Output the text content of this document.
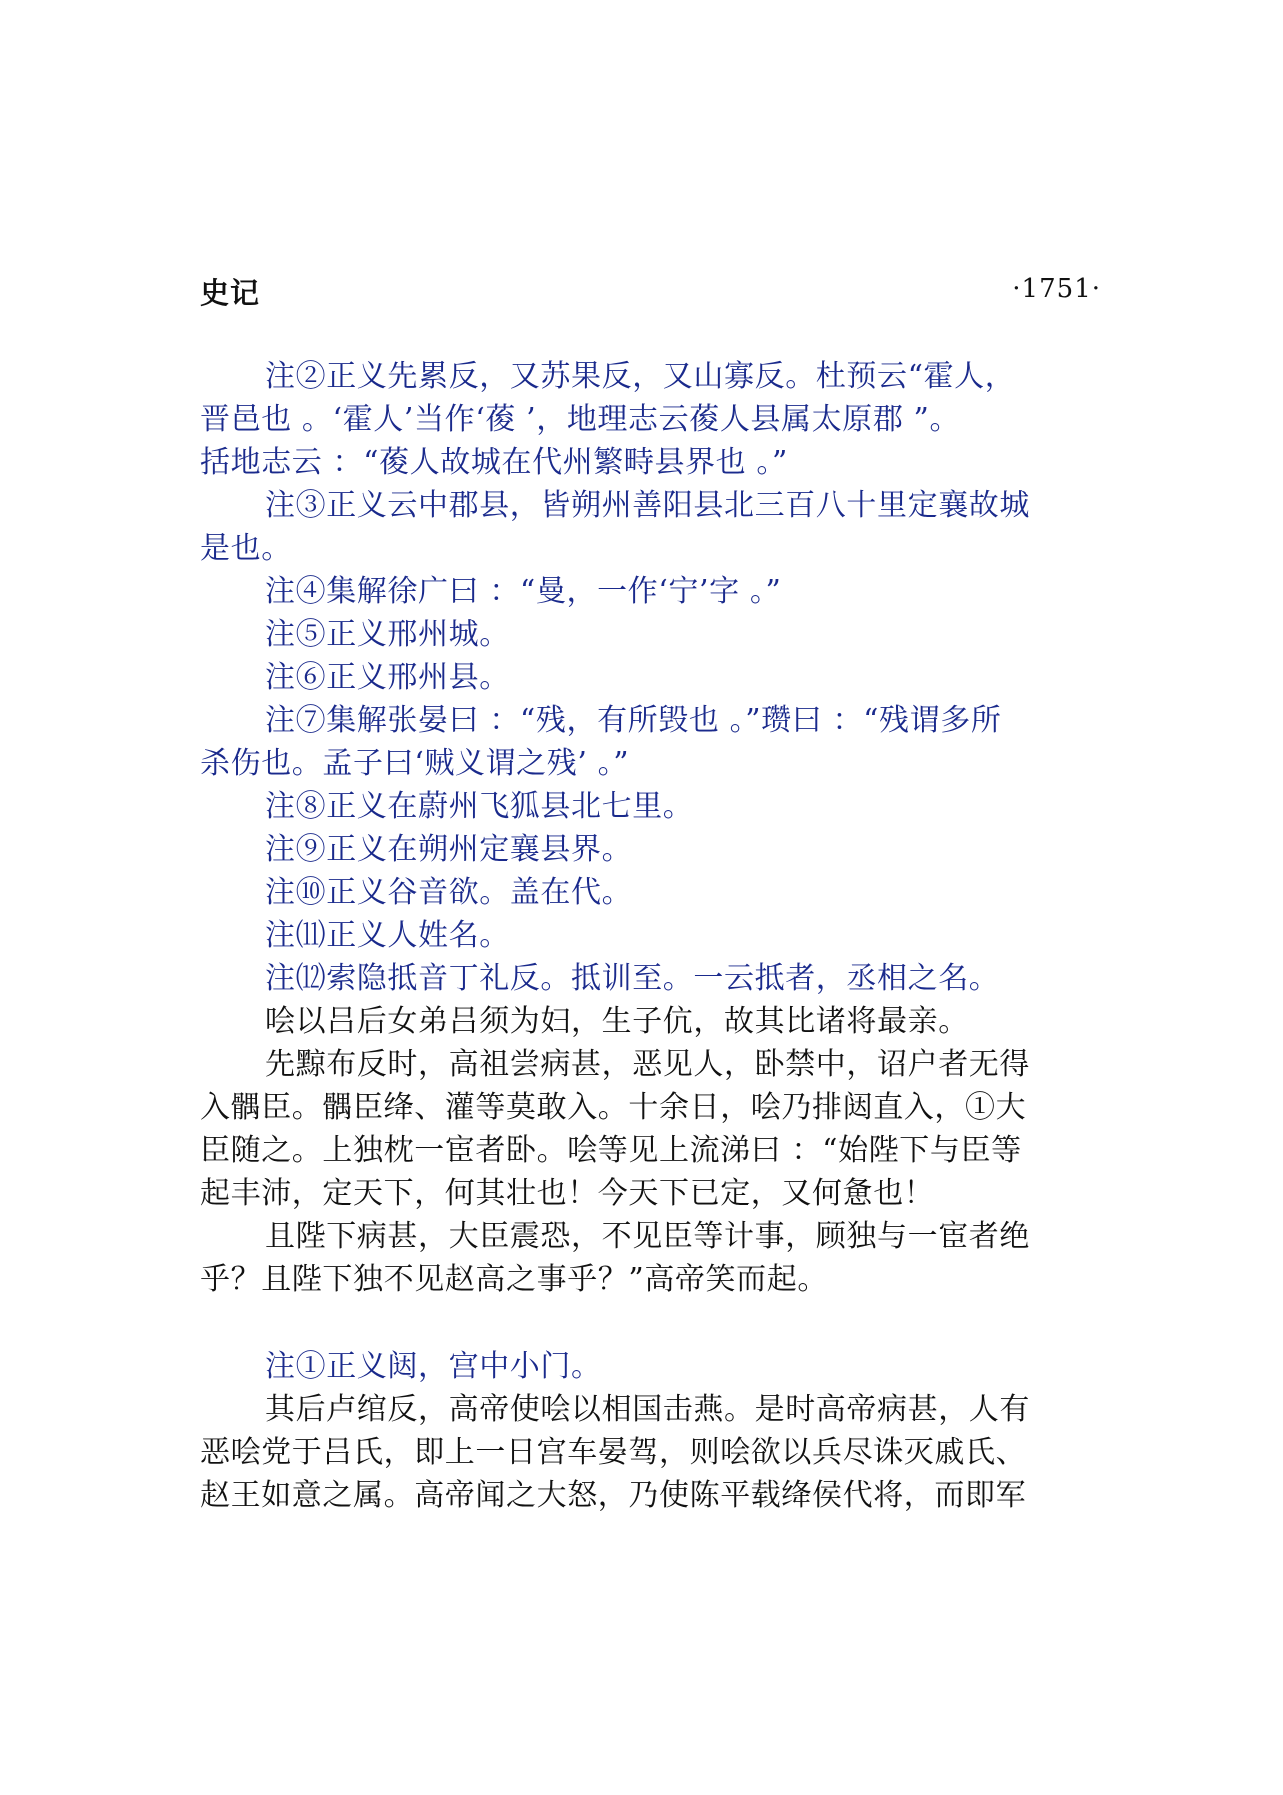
史记	·1751·
注②正义先累反，又苏果反，又山寡反。杜预云“霍人，
晋邑也 。‘霍人’当作‘葰 ’，地理志云葰人县属太原郡 ”。
括地志云 ：“葰人故城在代州繁畤县界也 。”
注③正义云中郡县，皆朔州善阳县北三百八十里定襄故城
是也。
注④集解徐广曰 ：“曼，一作‘宁’字 。”
注⑤正义邢州城。
注⑥正义邢州县。
注⑦集解张晏曰 ：“残，有所毁也 。”瓒曰 ：“残谓多所
杀伤也。孟子曰‘贼义谓之残’ 。”
注⑧正义在蔚州飞狐县北七里。
注⑨正义在朔州定襄县界。
注⑩正义谷音欲。盖在代。
注⑾正义人姓名。
注⑿索隐抵音丁礼反。抵训至。一云抵者，丞相之名。
哙以吕后女弟吕须为妇，生子伉，故其比诸将最亲。
先黥布反时，高祖尝病甚，恶见人，卧禁中，诏户者无得
入髃臣。髃臣绛、灌等莫敢入。十余日，哙乃排闼直入，①大
臣随之。上独枕一宦者卧。哙等见上流涕曰 ：“始陛下与臣等
起丰沛，定天下，何其壮也！今天下已定，又何惫也！
且陛下病甚，大臣震恐，不见臣等计事，顾独与一宦者绝
乎？且陛下独不见赵高之事乎？”高帝笑而起。
注①正义闼，宫中小门。
其后卢绾反，高帝使哙以相国击燕。是时高帝病甚，人有
恶哙党于吕氏，即上一日宫车晏驾，则哙欲以兵尽诛灭戚氏、
赵王如意之属。高帝闻之大怒，乃使陈平载绛侯代将，而即军
